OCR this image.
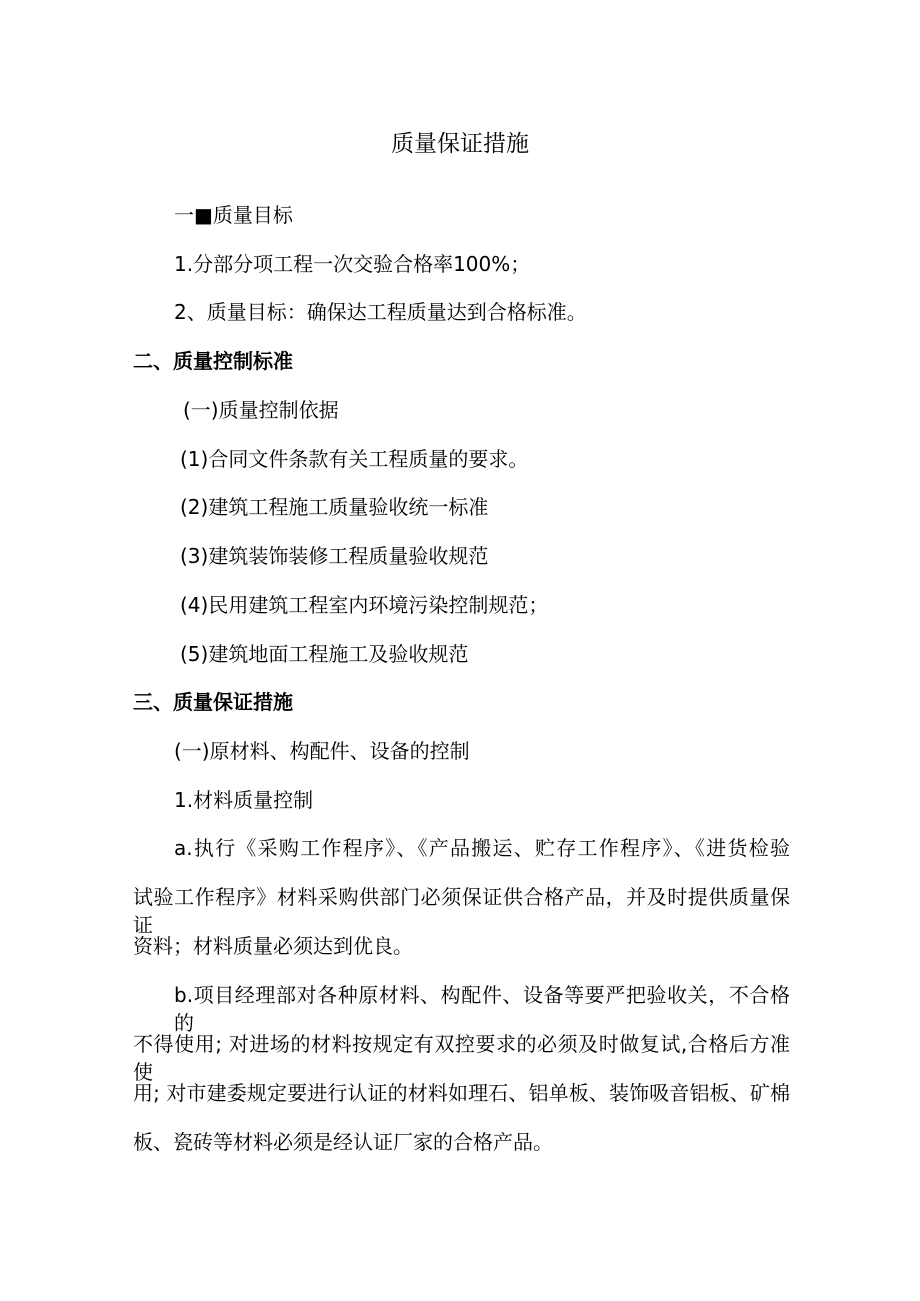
质量保证措施
一■质量目标
1.分部分项工程一次交验合格率100%；
2、质量目标：确保达工程质量达到合格标准。
二、质量控制标准
(一)质量控制依据
(1)合同文件条款有关工程质量的要求。
(2)建筑工程施工质量验收统一标准
(3)建筑装饰装修工程质量验收规范
(4)民用建筑工程室内环境污染控制规范；
(5)建筑地面工程施工及验收规范
三、质量保证措施
(一)原材料、构配件、设备的控制
1.材料质量控制
a.执行《采购工作程序》、《产品搬运、贮存工作程序》、《进货检验
试验工作程序》材料采购供部门必须保证供合格产品，并及时提供质量保证
资料；材料质量必须达到优良。
b.项目经理部对各种原材料、构配件、设备等要严把验收关，不合格的
不得使用; 对进场的材料按规定有双控要求的必须及时做复试,合格后方准使
用; 对市建委规定要进行认证的材料如理石、铝单板、装饰吸音铝板、矿棉
板、瓷砖等材料必须是经认证厂家的合格产品。
